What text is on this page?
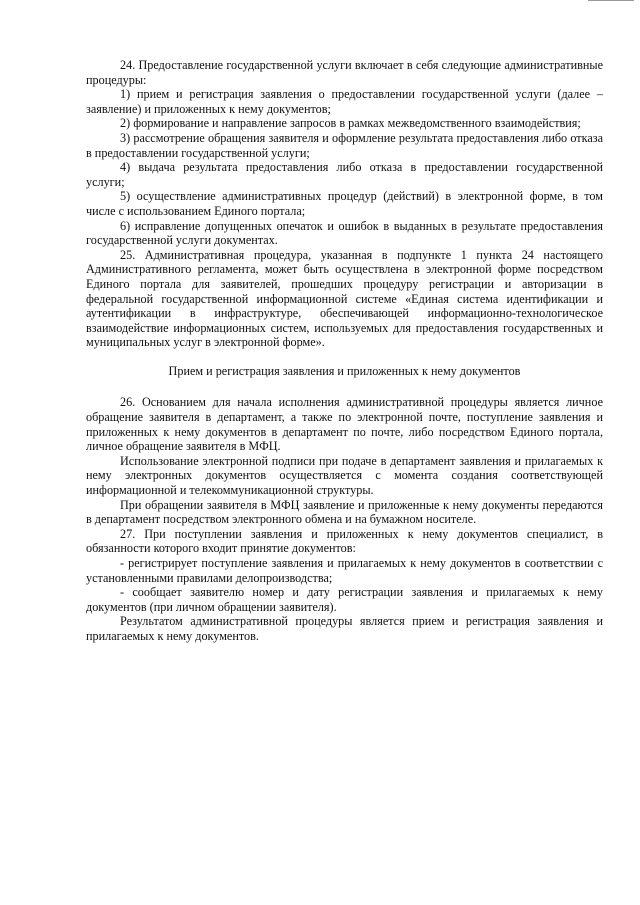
24. Предоставление государственной услуги включает в себя следующие административные процедуры:

1) прием и регистрация заявления о предоставлении государственной услуги (далее – заявление) и приложенных к нему документов;

2) формирование и направление запросов в рамках межведомственного взаимодействия;

3) рассмотрение обращения заявителя и оформление результата предоставления либо отказа в предоставлении государственной услуги;

4) выдача результата предоставления либо отказа в предоставлении государственной услуги;

5) осуществление административных процедур (действий) в электронной форме, в том числе с использованием Единого портала;

6) исправление допущенных опечаток и ошибок в выданных в результате предоставления государственной услуги документах.

25. Административная процедура, указанная в подпункте 1 пункта 24 настоящего Административного регламента, может быть осуществлена в электронной форме посредством Единого портала для заявителей, прошедших процедуру регистрации и авторизации в федеральной государственной информационной системе «Единая система идентификации и аутентификации в инфраструктуре, обеспечивающей информационно-технологическое взаимодействие информационных систем, используемых для предоставления государственных и муниципальных услуг в электронной форме».

Прием и регистрация заявления и приложенных к нему документов

26. Основанием для начала исполнения административной процедуры является личное обращение заявителя в департамент, а также по электронной почте, поступление заявления и приложенных к нему документов в департамент по почте, либо посредством Единого портала, личное обращение заявителя в МФЦ.

Использование электронной подписи при подаче в департамент заявления и прилагаемых к нему электронных документов осуществляется с момента создания соответствующей информационной и телекоммуникационной структуры.

При обращении заявителя в МФЦ заявление и приложенные к нему документы передаются в департамент посредством электронного обмена и на бумажном носителе.

27. При поступлении заявления и приложенных к нему документов специалист, в обязанности которого входит принятие документов:

- регистрирует поступление заявления и прилагаемых к нему документов в соответствии с установленными правилами делопроизводства;

- сообщает заявителю номер и дату регистрации заявления и прилагаемых к нему документов (при личном обращении заявителя).

Результатом административной процедуры является прием и регистрация заявления и прилагаемых к нему документов.
